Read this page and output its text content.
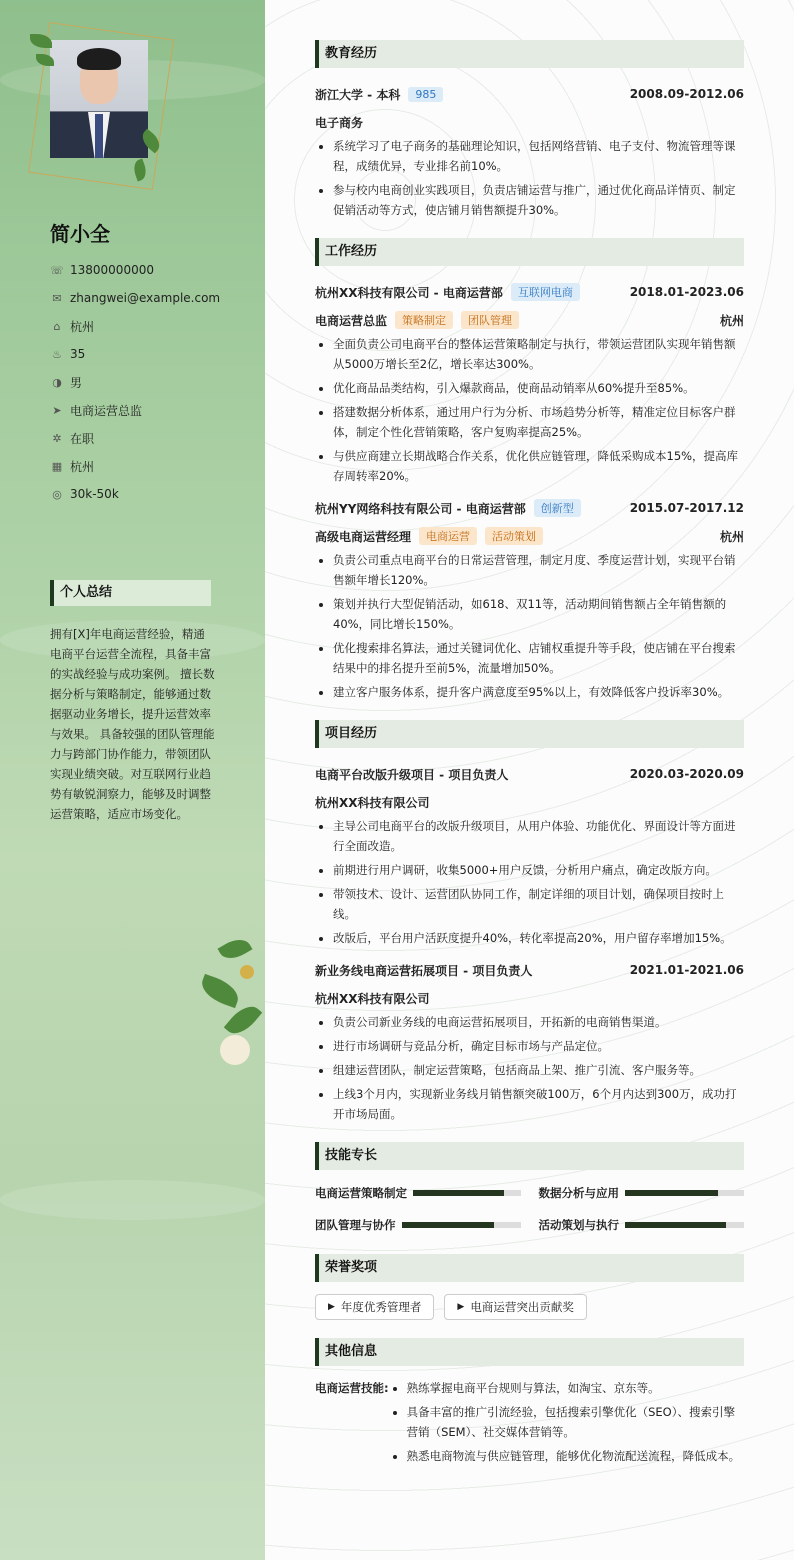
简小全
☏ 13800000000
✉ zhangwei@example.com
⌂ 杭州
♨ 35
◑ 男
➤ 电商运营总监
✲ 在职
▦ 杭州
◎ 30k-50k
个人总结
拥有[X]年电商运营经验，精通电商平台运营全流程，具备丰富的实战经验与成功案例。 擅长数据分析与策略制定，能够通过数据驱动业务增长，提升运营效率与效果。 具备较强的团队管理能力与跨部门协作能力，带领团队实现业绩突破。对互联网行业趋势有敏锐洞察力，能够及时调整运营策略，适应市场变化。
教育经历
浙江大学 - 本科	985	2008.09-2012.06
电子商务
• 系统学习了电子商务的基础理论知识，包括网络营销、电子支付、物流管理等课程，成绩优异，专业排名前10%。
• 参与校内电商创业实践项目，负责店铺运营与推广，通过优化商品详情页、制定促销活动等方式，使店铺月销售额提升30%。
工作经历
杭州XX科技有限公司 - 电商运营部	互联网电商	2018.01-2023.06
电商运营总监	策略制定	团队管理	杭州
• 全面负责公司电商平台的整体运营策略制定与执行，带领运营团队实现年销售额从5000万增长至2亿，增长率达300%。
• 优化商品品类结构，引入爆款商品，使商品动销率从60%提升至85%。
• 搭建数据分析体系，通过用户行为分析、市场趋势分析等，精准定位目标客户群体，制定个性化营销策略，客户复购率提高25%。
• 与供应商建立长期战略合作关系，优化供应链管理，降低采购成本15%，提高库存周转率20%。
杭州YY网络科技有限公司 - 电商运营部	创新型	2015.07-2017.12
高级电商运营经理	电商运营	活动策划	杭州
• 负责公司重点电商平台的日常运营管理，制定月度、季度运营计划，实现平台销售额年增长120%。
• 策划并执行大型促销活动，如618、双11等，活动期间销售额占全年销售额的40%，同比增长150%。
• 优化搜索排名算法，通过关键词优化、店铺权重提升等手段，使店铺在平台搜索结果中的排名提升至前5%，流量增加50%。
• 建立客户服务体系，提升客户满意度至95%以上，有效降低客户投诉率30%。
项目经历
电商平台改版升级项目 - 项目负责人	2020.03-2020.09
杭州XX科技有限公司
• 主导公司电商平台的改版升级项目，从用户体验、功能优化、界面设计等方面进行全面改造。
• 前期进行用户调研，收集5000+用户反馈，分析用户痛点，确定改版方向。
• 带领技术、设计、运营团队协同工作，制定详细的项目计划，确保项目按时上线。
• 改版后，平台用户活跃度提升40%，转化率提高20%，用户留存率增加15%。
新业务线电商运营拓展项目 - 项目负责人	2021.01-2021.06
杭州XX科技有限公司
• 负责公司新业务线的电商运营拓展项目，开拓新的电商销售渠道。
• 进行市场调研与竞品分析，确定目标市场与产品定位。
• 组建运营团队，制定运营策略，包括商品上架、推广引流、客户服务等。
• 上线3个月内，实现新业务线月销售额突破100万，6个月内达到300万，成功打开市场局面。
技能专长
电商运营策略制定	数据分析与应用
团队管理与协作	活动策划与执行
荣誉奖项
▶ 年度优秀管理者	▶ 电商运营突出贡献奖
其他信息
电商运营技能:
• 熟练掌握电商平台规则与算法，如淘宝、京东等。
• 具备丰富的推广引流经验，包括搜索引擎优化（SEO）、搜索引擎营销（SEM）、社交媒体营销等。
• 熟悉电商物流与供应链管理，能够优化物流配送流程，降低成本。
